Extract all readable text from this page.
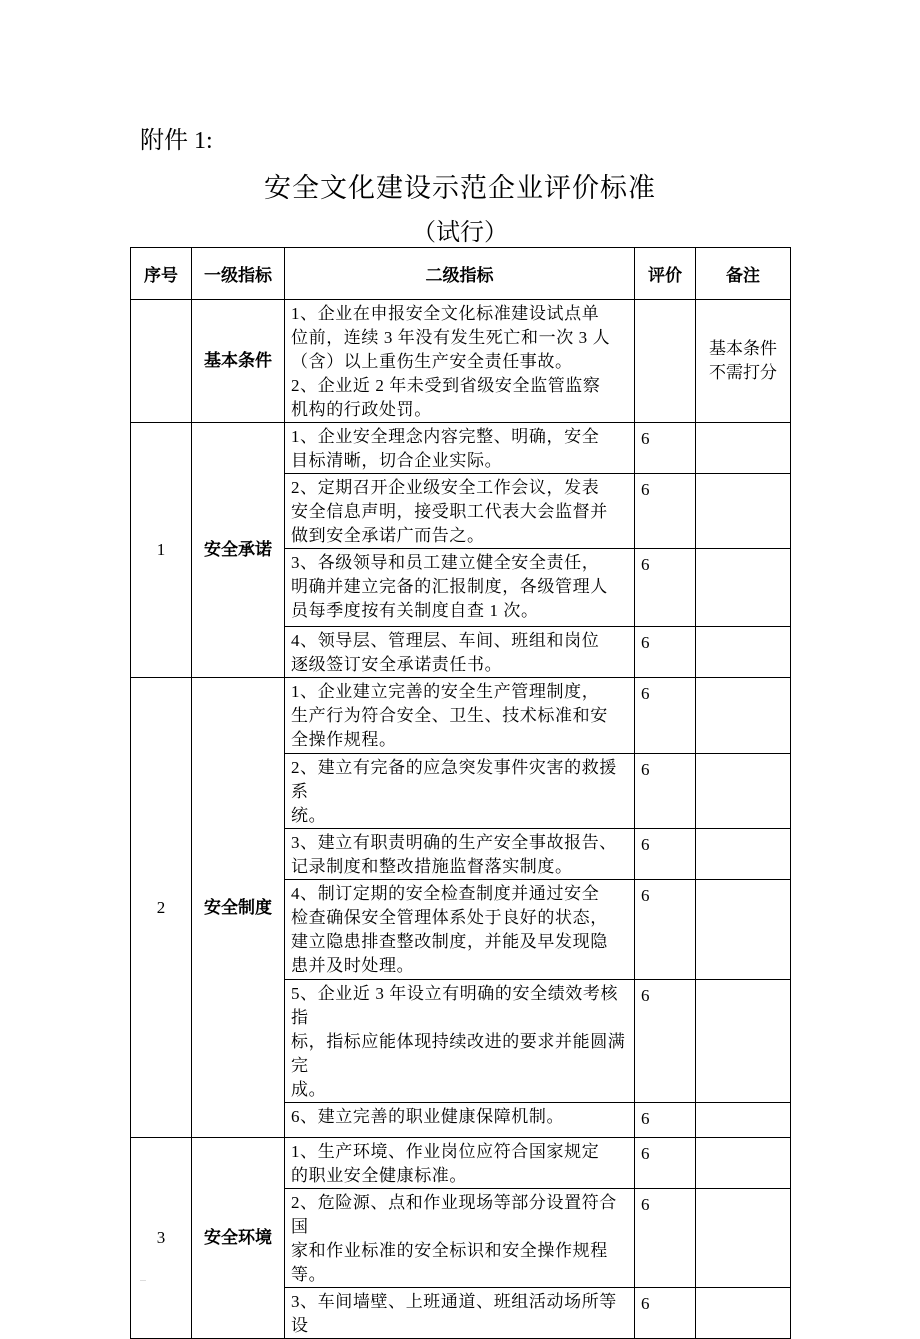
附件 1:
安全文化建设示范企业评价标准
（试行）
序号	一级指标	二级指标	评价	备注
	基本条件	1、企业在申报安全文化标准建设试点单
位前，连续 3 年没有发生死亡和一次 3 人
（含）以上重伤生产安全责任事故。
2、企业近 2 年未受到省级安全监管监察
机构的行政处罚。		基本条件
不需打分
1	安全承诺	1、企业安全理念内容完整、明确，安全
目标清晰，切合企业实际。	6	
		2、定期召开企业级安全工作会议，发表
安全信息声明，接受职工代表大会监督并
做到安全承诺广而告之。	6	
		3、各级领导和员工建立健全安全责任，
明确并建立完备的汇报制度，各级管理人
员每季度按有关制度自查 1 次。	6	
		4、领导层、管理层、车间、班组和岗位
逐级签订安全承诺责任书。	6	
2	安全制度	1、企业建立完善的安全生产管理制度，
生产行为符合安全、卫生、技术标准和安
全操作规程。	6	
		2、建立有完备的应急突发事件灾害的救援系
统。	6	
		3、建立有职责明确的生产安全事故报告、
记录制度和整改措施监督落实制度。	6	
		4、制订定期的安全检查制度并通过安全
检查确保安全管理体系处于良好的状态，
建立隐患排查整改制度，并能及早发现隐
患并及时处理。	6	
		5、企业近 3 年设立有明确的安全绩效考核指
标，指标应能体现持续改进的要求并能圆满完
成。	6	
		6、建立完善的职业健康保障机制。	6	
3	安全环境	1、生产环境、作业岗位应符合国家规定
的职业安全健康标准。	6	
		2、危险源、点和作业现场等部分设置符合国
家和作业标准的安全标识和安全操作规程等。	6	
		3、车间墙壁、上班通道、班组活动场所等设	6	
